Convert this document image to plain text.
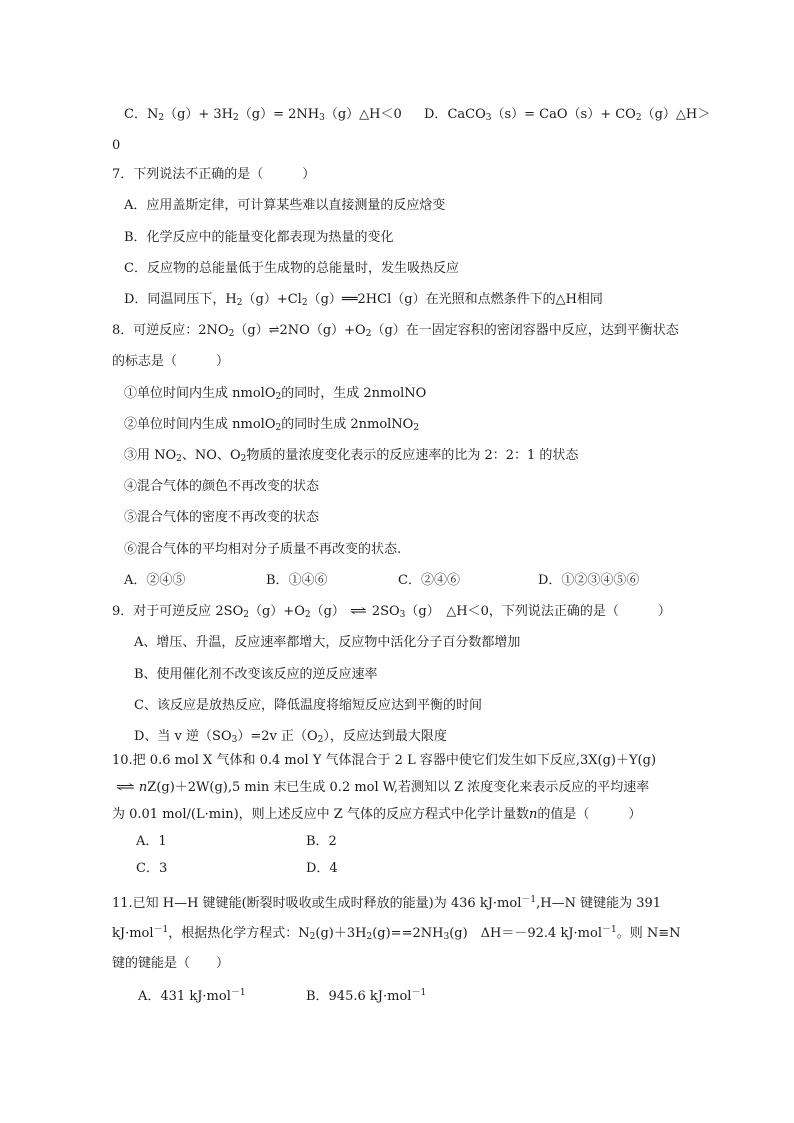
C．$N_2(g)+ 3H_2(g)=$ $2NH_3(g)\triangle H<0$ D．CaCO$_3$（s）= $CaO(s)+ CO_2(g)\triangle H>$
0
7．下列说法不正确的是（　　　）
A．应用盖斯定律，可计算某些难以直接测量的反应焓变
B．化学反应中的能量变化都表现为热量的变化
C．反应物的总能量低于生成物的总能量时，发生吸热反应
D．同温同压下，$H_2(g)+Cl_2(g)══2HCl(g)$在光照和点燃条件下的△H相同
8．可逆反应：$2NO_2(g)\rightleftharpoons 2NO(g)+O_2(g)$在一固定容积的密闭容器中反应，达到平衡状态
的标志是（　　　）
①单位时间内生成 nmolO$_2$的同时，生成 2nmolNO
②单位时间内生成 nmolO$_2$的同时生成 2nmolNO$_2$
③用 $NO_2$、NO、$O_2$物质的量浓度变化表示的反应速率的比为 2：2：1 的状态
④混合气体的颜色不再改变的状态
⑤混合气体的密度不再改变的状态
⑥混合气体的平均相对分子质量不再改变的状态.
A．②④⑤	B．①④⑥	C．②④⑥	D．①②③④⑤⑥
9．对于可逆反应 $2SO_2(g)+O_2(g)$ ⇌ $2SO_3(g)$　△H＜0，下列说法正确的是（　　　）
A、增压、升温，反应速率都增大，反应物中活化分子百分数都增加
B、使用催化剂不改变该反应的逆反应速率
C、该反应是放热反应，降低温度将缩短反应达到平衡的时间
D、当 v 逆$(SO_3)=2v$ 正$(O_2)$，反应达到最大限度
10.把 0.6 mol X 气体和 0.4 mol Y 气体混合于 2 L 容器中使它们发生如下反应,3X(g)＋Y(g)
⇌ nZ(g)＋2W(g),5 min 末已生成 0.2 mol W,若测知以 Z 浓度变化来表示反应的平均速率
为 0.01 mol/(L·min)，则上述反应中 Z 气体的反应方程式中化学计量数n的值是（　　　）
A．1	B．2
C．3	D．4
11.已知 H—H 键键能(断裂时吸收或生成时释放的能量)为 436 kJ·mol$^{-1}$,H—N 键键能为 391
kJ·mol$^{-1}$，根据热化学方程式：$N_2(g)+3H_2(g)==2NH_3(g)$　ΔH＝－92.4 kJ·mol$^{-1}$。则 N≡N
键的键能是（　　）
A．431 kJ·mol$^{-1}$	B．945.6 kJ·mol$^{-1}$
